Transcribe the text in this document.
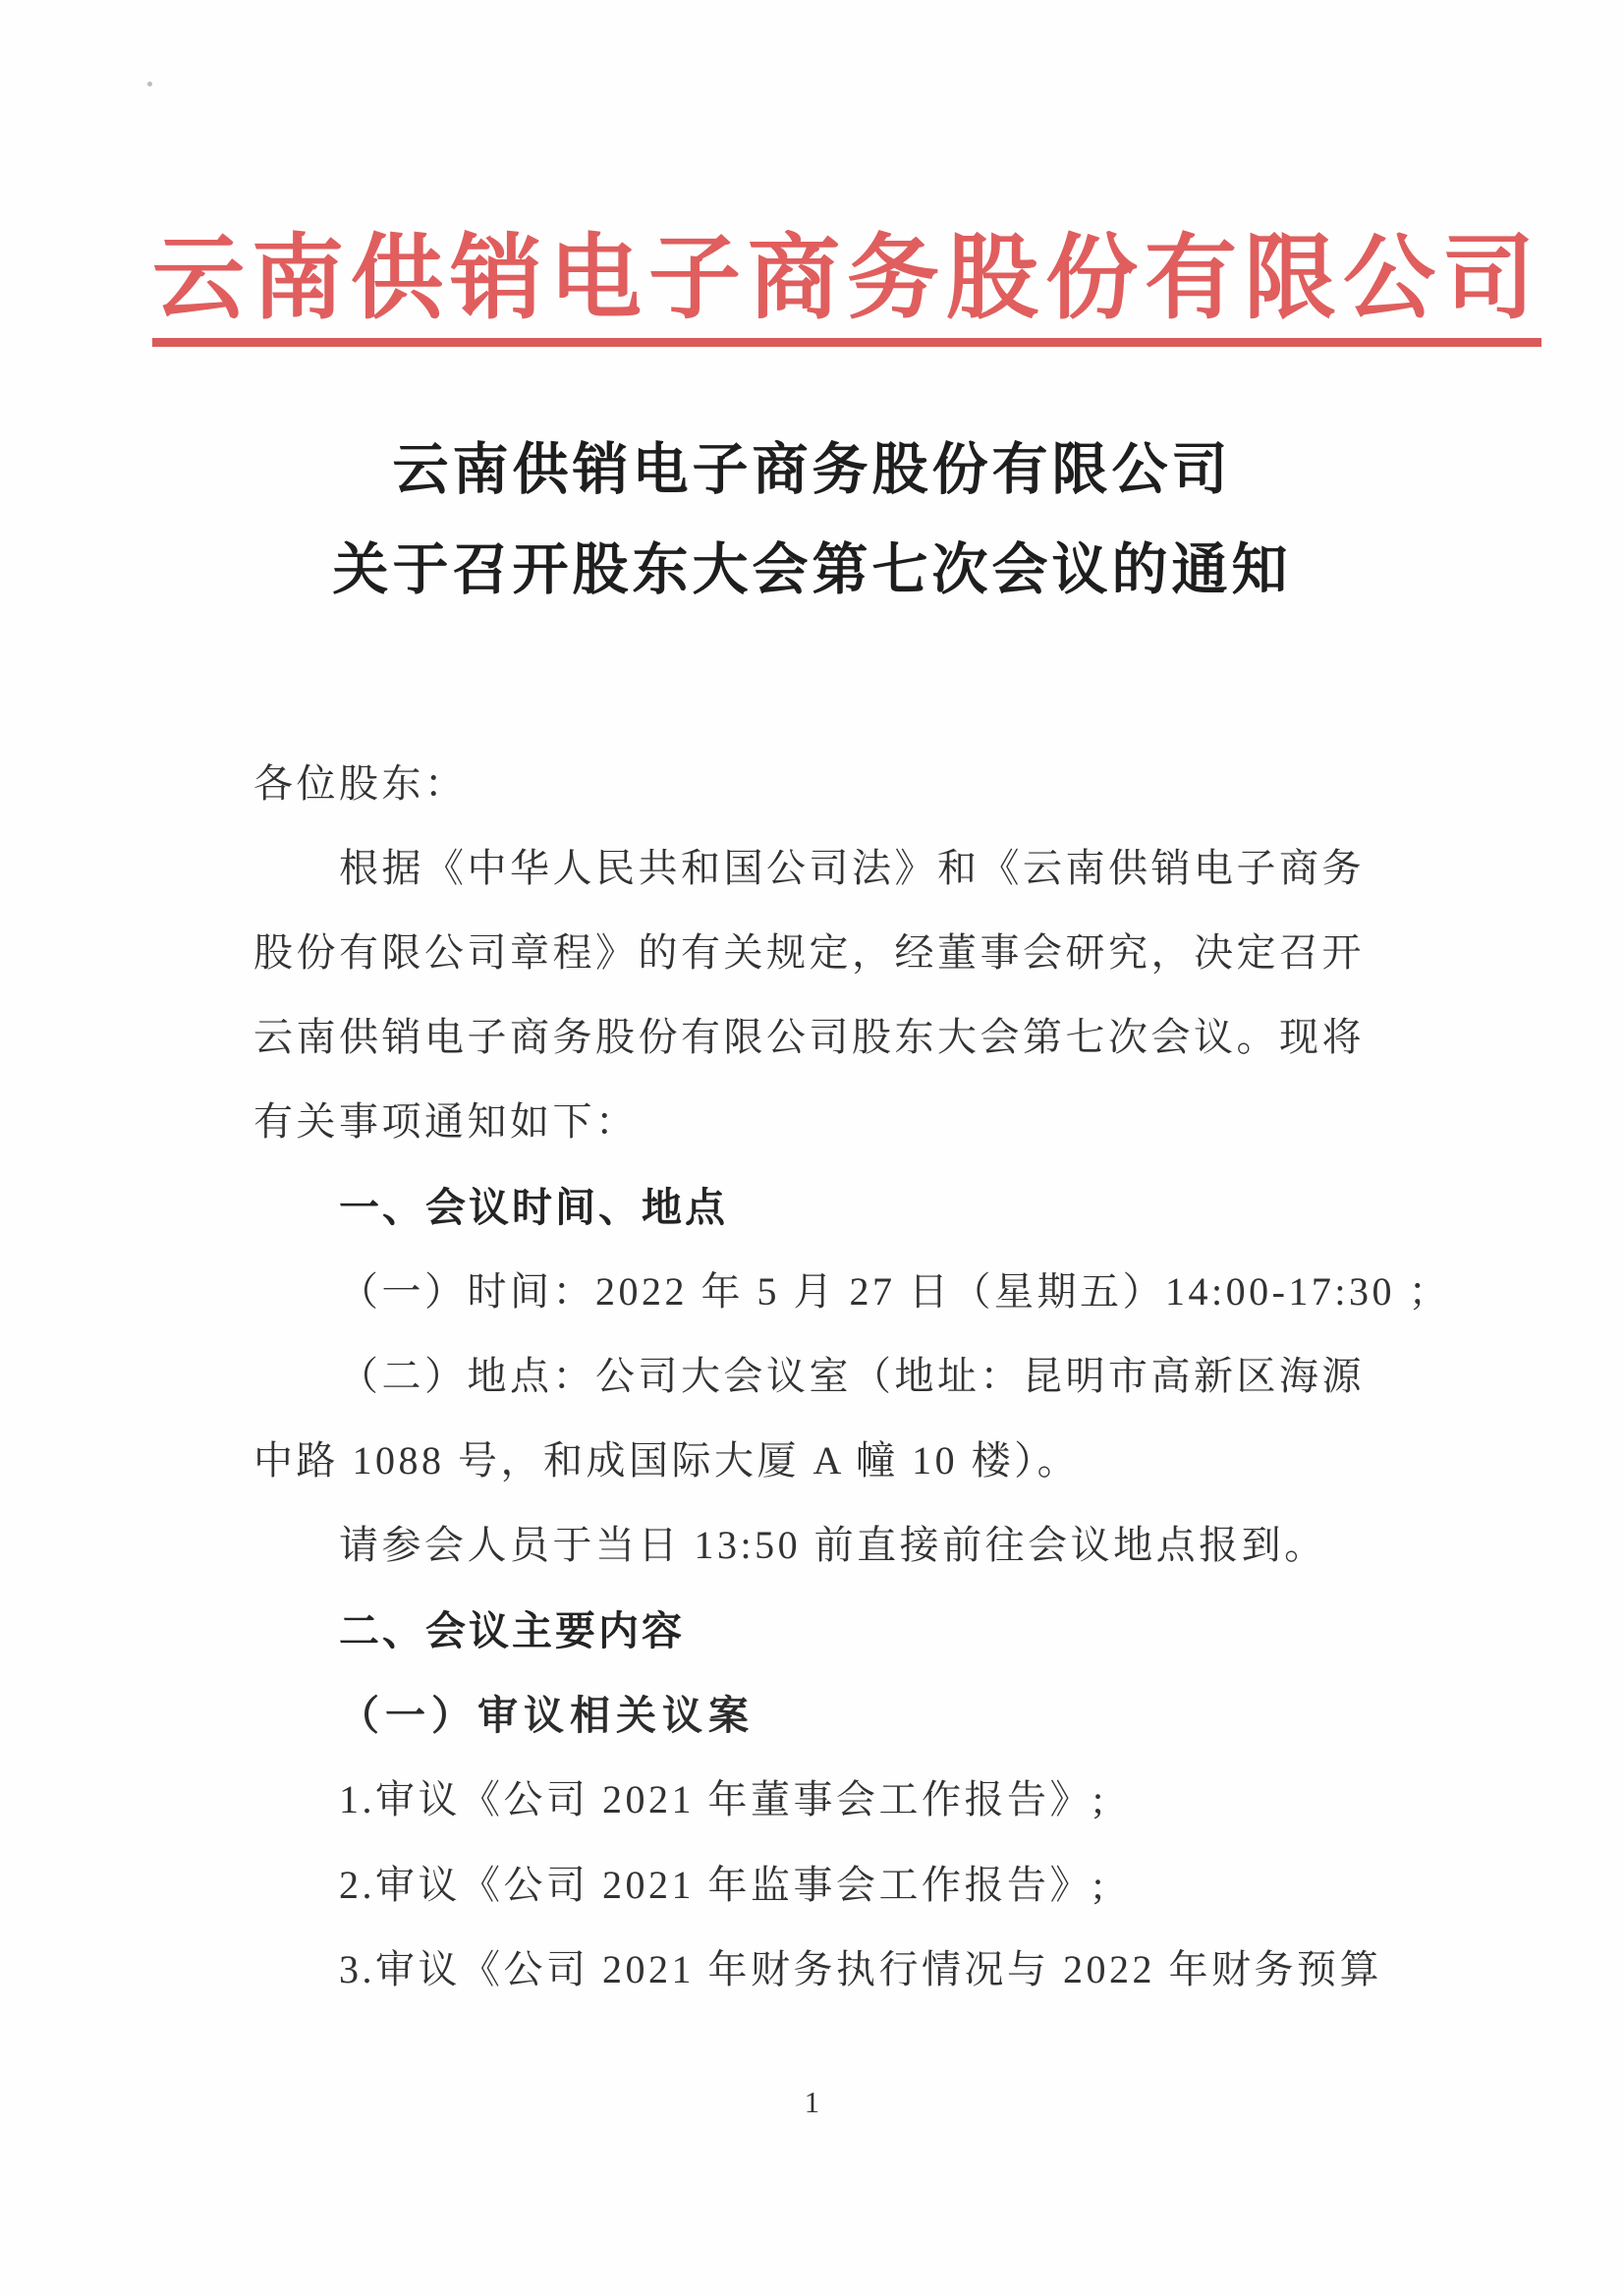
云南供销电子商务股份有限公司
云南供销电子商务股份有限公司
关于召开股东大会第七次会议的通知
各位股东：
根据《中华人民共和国公司法》和《云南供销电子商务
股份有限公司章程》的有关规定，经董事会研究，决定召开
云南供销电子商务股份有限公司股东大会第七次会议。现将
有关事项通知如下：
一、会议时间、地点
（一）时间：2022 年 5 月 27 日（星期五）14:00-17:30 ；
（二）地点：公司大会议室（地址：昆明市高新区海源
中路 1088 号，和成国际大厦 A 幢 10 楼）。
请参会人员于当日 13:50 前直接前往会议地点报到。
二、会议主要内容
（一）审议相关议案
1.审议《公司 2021 年董事会工作报告》;
2.审议《公司 2021 年监事会工作报告》;
3.审议《公司 2021 年财务执行情况与 2022 年财务预算
1
